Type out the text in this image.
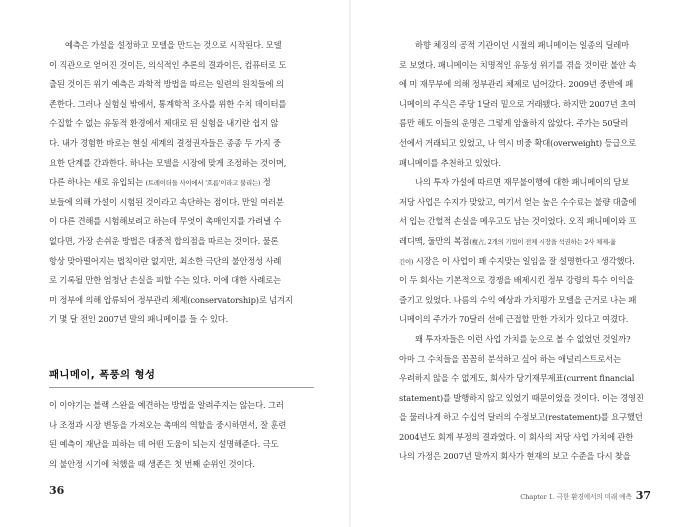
예측은 가설을 설정하고 모델을 만드는 것으로 시작된다. 모델
이 직관으로 얻어진 것이든, 의식적인 추론의 결과이든, 컴퓨터로 도
출된 것이든 위기 예측은 과학적 방법을 따르는 일련의 원칙들에 의
존한다. 그러나 실험실 밖에서, 통계학적 조사를 위한 수치 데이터를
수집할 수 없는 유동적 환경에서 제대로 된 실험을 내기란 쉽지 않
다. 내가 경험한 바로는 현실 세계의 결정권자들은 종종 두 가지 중
요한 단계를 간과한다. 하나는 모델을 시장에 맞게 조정하는 것이며,
다른 하나는 새로 유입되는 (트레이더들 사이에서 '흐름'이라고 불리는) 정
보들에 의해 가설이 시험된 것이라고 속단하는 점이다. 만일 여러분
이 다른 견해를 시험해보려고 하는데 무엇이 촉매인지를 가려낼 수
없다면, 가장 손쉬운 방법은 대중적 합의점을 따르는 것이다. 물론
항상 맞아떨어지는 법칙이란 없지만, 최소한 극단의 불안정성 사례
로 기록될 만한 엄청난 손실을 피할 수는 있다. 이에 대한 사례로는
미 정부에 의해 압류되어 정부관리 체제(conservatorship)로 넘겨지
기 몇 달 전인 2007년 말의 패니메이를 들 수 있다.
패니메이, 폭풍의 형성
이 이야기는 블랙 스완을 예견하는 방법을 알려주지는 않는다. 그러
나 조정과 시장 변동을 가져오는 촉매의 역할을 중시하면서, 잘 훈련
된 예측이 재난을 피하는 데 어떤 도움이 되는지 설명해준다. 극도
의 불안정 시기에 처했을 때 생존은 첫 번째 순위인 것이다.
36
하향 체징의 공적 기관이던 시절의 패니메이는 일종의 딜레마
로 보였다. 패니메이는 치명적인 유동성 위기를 겪을 것이란 불안 속
에 미 재무부에 의해 정부관리 체제로 넘어갔다. 2009년 중반에 패
니메이의 주식은 주당 1달러 밑으로 거래됐다. 하지만 2007년 초여
름만 해도 이들의 운명은 그렇게 암울하지 않았다. 주가는 50달러
선에서 거래되고 있었고, 나 역시 비중 확대(overweight) 등급으로
패니메이를 추천하고 있었다.
나의 투자 가설에 따르면 재무불이행에 대한 패니메이의 담보
저당 사업은 수지가 맞았고, 여기서 얻는 높은 수수료는 불량 대출에
서 입는 간헐적 손실을 메우고도 남는 것이었다. 오직 패니메이와 프
레디맥, 둘만의 복점(複占, 2개의 기업이 전체 시장을 석권하는 2사 체제-옮
긴이) 시장은 이 사업이 꽤 수지맞는 일임을 잘 설명한다고 생각했다.
이 두 회사는 기본적으로 경쟁을 배제시킨 정부 강령의 특수 이익을
즐기고 있었다. 나름의 수익 예상과 가치평가 모델을 근거로 나는 패
니메이의 주가가 70달러 선에 근접할 만한 가치가 있다고 여겼다.
왜 투자자들은 이런 사업 가치를 눈으로 볼 수 없었던 것일까?
아마 그 수치들을 꼼꼼히 분석하고 싶어 하는 애널리스트로서는
우려하지 않을 수 없게도, 회사가 당기재무제표(current financial
statement)를 발행하지 않고 있었기 때문이었을 것이다. 이는 경영진
을 물러나게 하고 수십억 달러의 수정보고(restatement)를 요구했던
2004년도 회계 부정의 결과였다. 이 회사의 저당 사업 가치에 관한
나의 가정은 2007년 말까지 회사가 현재의 보고 수준을 다시 찾을
Chapter 1. 극한 환경에서의 미래 예측 37
